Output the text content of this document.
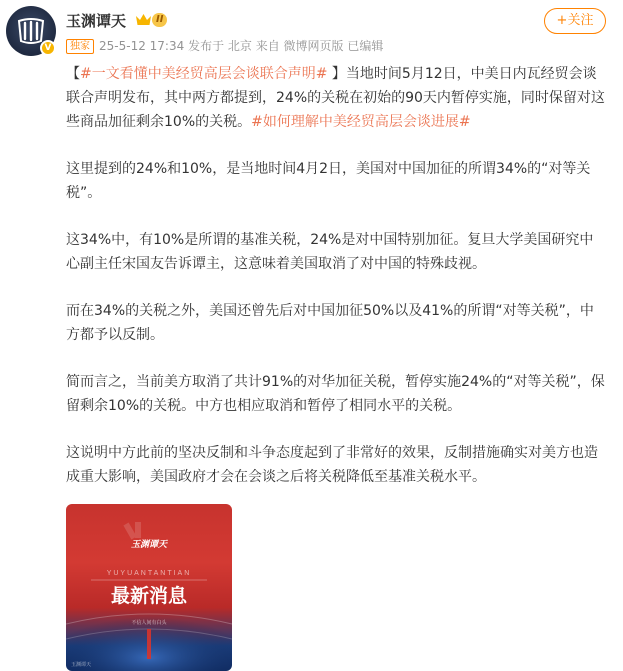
V
玉渊谭天	II
独家 25-5-12 17:34 发布于 北京 来自 微博网页版 已编辑
+关注

【#一文看懂中美经贸高层会谈联合声明# 】当地时间5月12日，中美日内瓦经贸会谈联合声明发布，其中两方都提到，24%的关税在初始的90天内暂停实施，同时保留对这些商品加征剩余10%的关税。#如何理解中美经贸高层会谈进展#

这里提到的24%和10%，是当地时间4月2日，美国对中国加征的所谓34%的“对等关税”。

这34%中，有10%是所谓的基准关税，24%是对中国特别加征。复旦大学美国研究中心副主任宋国友告诉谭主，这意味着美国取消了对中国的特殊歧视。

而在34%的关税之外，美国还曾先后对中国加征50%以及41%的所谓“对等关税”，中方都予以反制。

简而言之，当前美方取消了共计91%的对华加征关税，暂停实施24%的“对等关税”，保留剩余10%的关税。中方也相应取消和暂停了相同水平的关税。

这说明中方此前的坚决反制和斗争态度起到了非常好的效果，反制措施确实对美方也造成重大影响，美国政府才会在会谈之后将关税降低至基准关税水平。

玉渊谭天
YUYUANTANTIAN
最新消息
不信人间有白头
玉渊谭天
